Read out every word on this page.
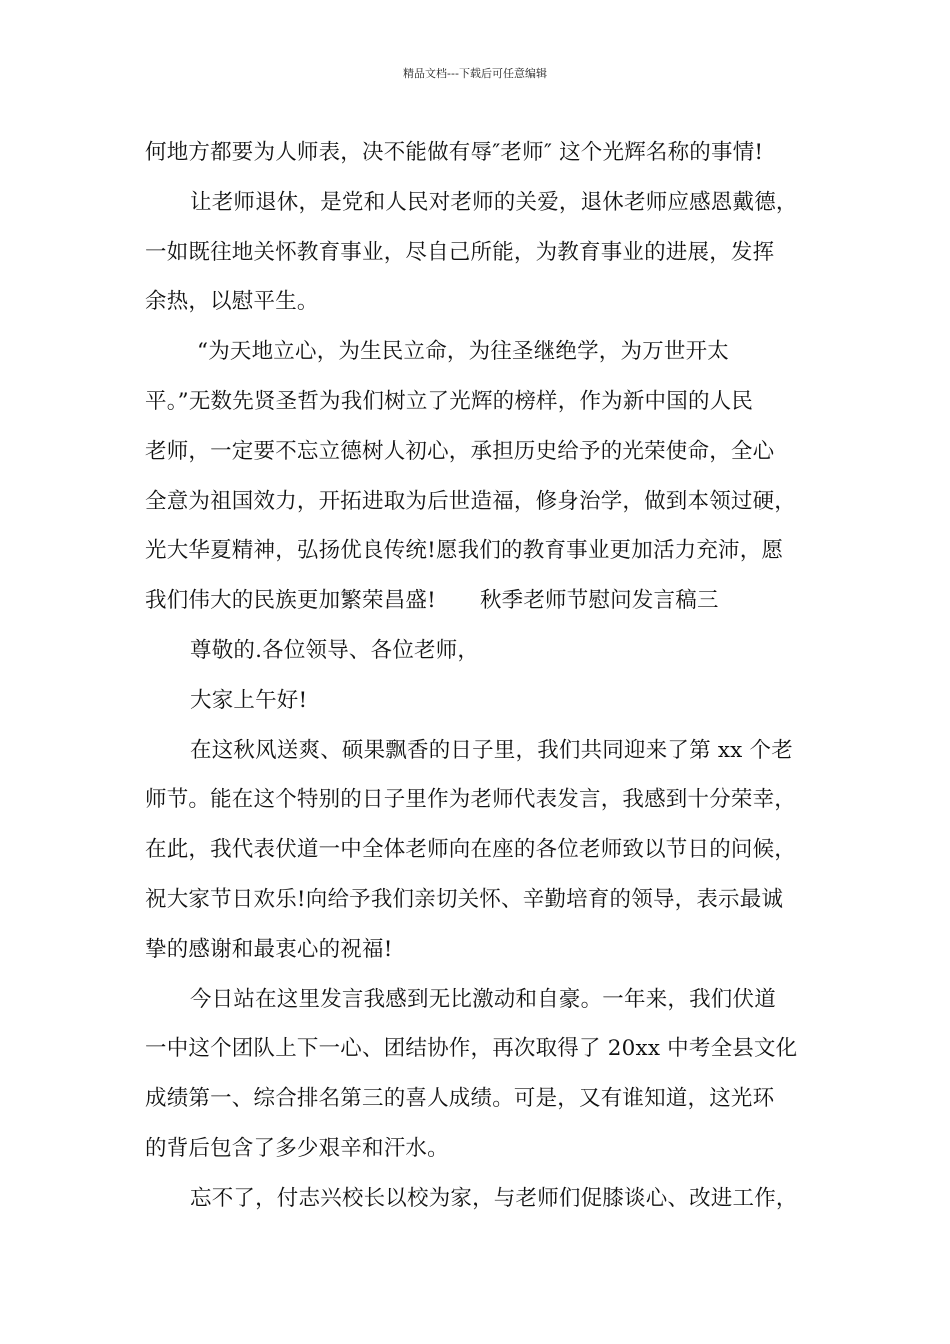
精品文档---下载后可任意编辑
何地方都要为人师表，决不能做有辱″老师″ 这个光辉名称的事情!
让老师退休，是党和人民对老师的关爱，退休老师应感恩戴德，
一如既往地关怀教育事业，尽自己所能，为教育事业的进展，发挥
余热，以慰平生。
“为天地立心，为生民立命，为往圣继绝学，为万世开太
平。”无数先贤圣哲为我们树立了光辉的榜样，作为新中国的人民
老师，一定要不忘立德树人初心，承担历史给予的光荣使命，全心
全意为祖国效力，开拓进取为后世造福，修身治学，做到本领过硬，
光大华夏精神，弘扬优良传统!愿我们的教育事业更加活力充沛，愿
我们伟大的民族更加繁荣昌盛! 秋季老师节慰问发言稿三
尊敬的.各位领导、各位老师，
大家上午好!
在这秋风送爽、硕果飘香的日子里，我们共同迎来了第 xx 个老
师节。能在这个特别的日子里作为老师代表发言，我感到十分荣幸，
在此，我代表伏道一中全体老师向在座的各位老师致以节日的问候，
祝大家节日欢乐!向给予我们亲切关怀、辛勤培育的领导，表示最诚
挚的感谢和最衷心的祝福!
今日站在这里发言我感到无比激动和自豪。一年来，我们伏道
一中这个团队上下一心、团结协作，再次取得了 20xx 中考全县文化
成绩第一、综合排名第三的喜人成绩。可是，又有谁知道，这光环
的背后包含了多少艰辛和汗水。
忘不了，付志兴校长以校为家，与老师们促膝谈心、改进工作，
